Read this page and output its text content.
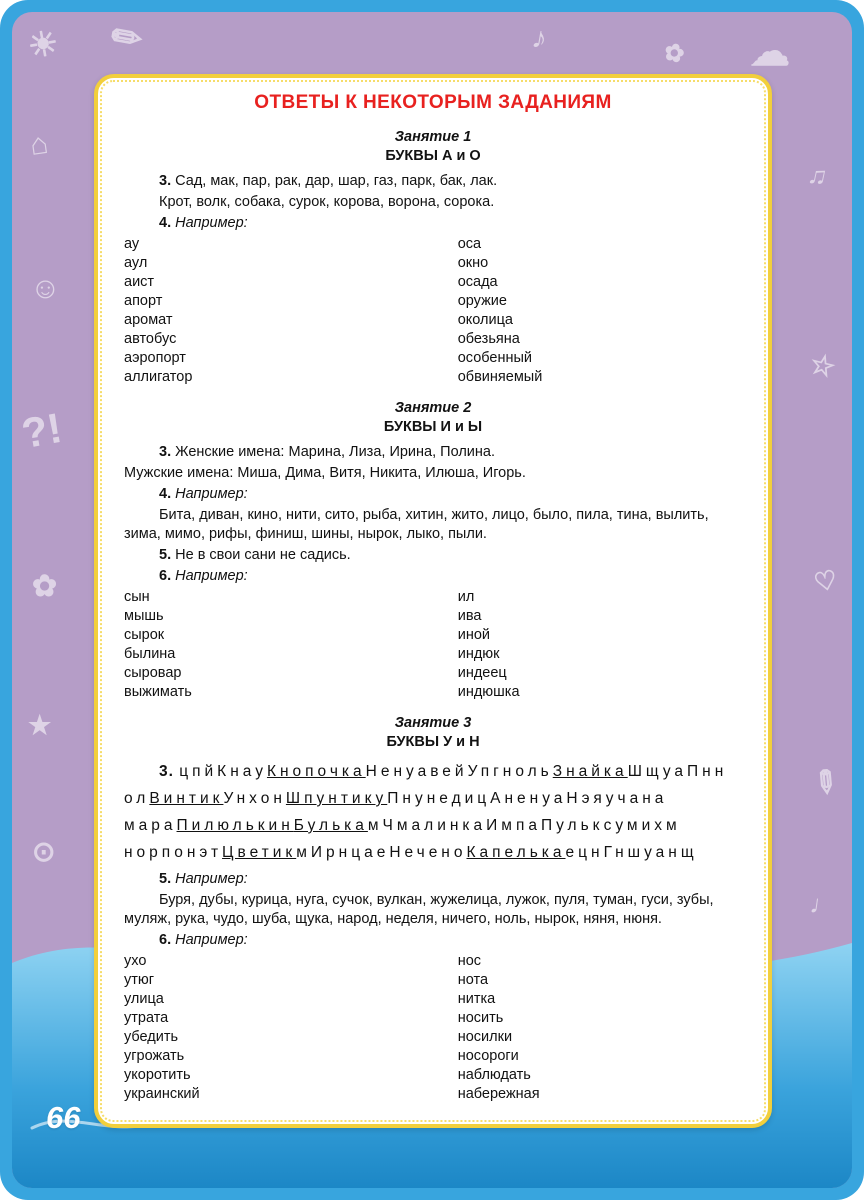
☀ ✎	♪	☁
✿
⌂
♫
☺
?!
✿
☆
♡
✎
★
⊙
♩
66
ОТВЕТЫ К НЕКОТОРЫМ ЗАДАНИЯМ
Занятие 1
БУКВЫ А и О
3. Сад, мак, пар, рак, дар, шар, газ, парк, бак, лак.
Крот, волк, собака, сурок, корова, ворона, сорока.
4. Например:
ау	оса
аул	окно
аист	осада
апорт	оружие
аромат	околица
автобус	обезьяна
аэропорт	особенный
аллигатор	обвиняемый
Занятие 2
БУКВЫ И и Ы
3. Женские имена: Марина, Лиза, Ирина, Полина.
Мужские имена: Миша, Дима, Витя, Никита, Илюша, Игорь.
4. Например:
Бита, диван, кино, нити, сито, рыба, хитин, жито, лицо, было, пила, тина, вылить, зима, мимо, рифы, финиш, шины, нырок, лыко, пыли.
5. Не в свои сани не садись.
6. Например:
сын	ил
мышь	ива
сырок	иной
былина	индюк
сыровар	индеец
выжимать	индюшка
Занятие 3
БУКВЫ У и Н
3. цпйКнауКнопочкаНенуавейУпгнольЗнайкаШщуаПнн
олВинтикУнхонШпунтикуПнунедицАненуаНэяучана
мараПилюлькинБулькамЧмалинкаИмпаПульксумихм
норпонэтЦветикмИрнцаеНеченоКапелькаецнГншуанщ
5. Например:
Буря, дубы, курица, нуга, сучок, вулкан, жужелица, лужок, пуля, туман, гуси, зубы, муляж, рука, чудо, шуба, щука, народ, неделя, ничего, ноль, нырок, няня, нюня.
6. Например:
ухо	нос
утюг	нота
улица	нитка
утрата	носить
убедить	носилки
угрожать	носороги
укоротить	наблюдать
украинский	набережная
